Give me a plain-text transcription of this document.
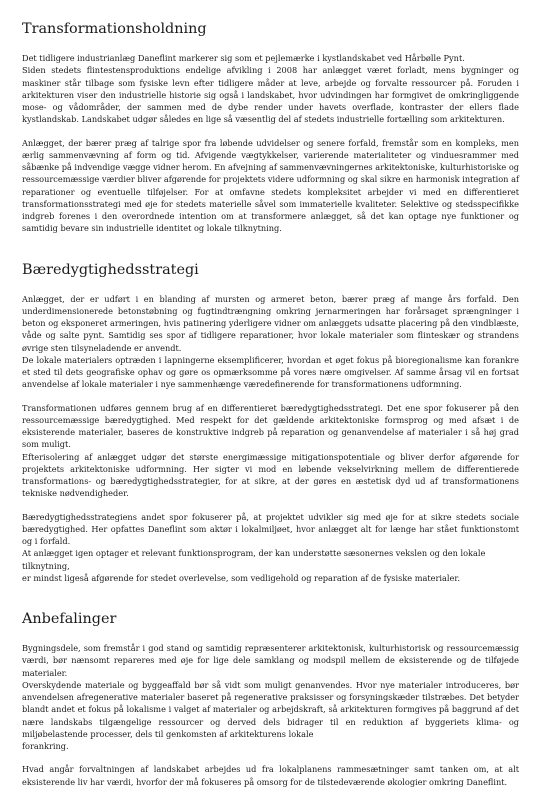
Transformationsholdning

Det tidligere industrianlæg Daneflint markerer sig som et pejlemærke i kystlandskabet ved Hårbølle Pynt.

Siden stedets flintestensproduktions endelige afvikling i 2008 har anlægget været forladt, mens bygninger og maskiner står tilbage som fysiske levn efter tidligere måder at leve, arbejde og forvalte ressourcer på. Foruden i arkitekturen viser den industrielle historie sig også i landskabet, hvor udvindingen har formgivet de omkringliggende mose- og vådområder, der sammen med de dybe render under havets overflade, kontraster der ellers flade kystlandskab. Landskabet udgør således en lige så væsentlig del af stedets industrielle fortælling som arkitekturen.

Anlægget, der bærer præg af talrige spor fra løbende udvidelser og senere forfald, fremstår som en kompleks, men ærlig sammenvævning af form og tid. Afvigende vægtykkelser, varierende materialiteter og vinduesrammer med såbænke på indvendige vægge vidner herom. En afvejning af sammenvævningernes arkitektoniske, kulturhistoriske og ressourcemæssige værdier bliver afgørende for projektets videre udformning og skal sikre en harmonisk integration af reparationer og eventuelle tilføjelser. For at omfavne stedets kompleksitet arbejder vi med en differentieret transformationsstrategi med øje for stedets materielle såvel som immaterielle kvaliteter. Selektive og stedsspecifikke indgreb forenes i den overordnede intention om at transformere anlægget, så det kan optage nye funktioner og samtidig bevare sin industrielle identitet og lokale tilknytning.

Bæredygtighedsstrategi

Anlægget, der er udført i en blanding af mursten og armeret beton, bærer præg af mange års forfald. Den underdimensionerede betonstøbning og fugtindtrængning omkring jernarmeringen har forårsaget sprængninger i beton og eksponeret armeringen, hvis patinering yderligere vidner om anlæggets udsatte placering på den vindblæste, våde og salte pynt. Samtidig ses spor af tidligere reparationer, hvor lokale materialer som flinteskær og strandens øvrige sten tilsyneladende er anvendt.

De lokale materialers optræden i lapningerne eksemplificerer, hvordan et øget fokus på bioregionalisme kan forankre et sted til dets geografiske ophav og gøre os opmærksomme på vores nære omgivelser. Af samme årsag vil en fortsat anvendelse af lokale materialer i nye sammenhænge væredefinerende for transformationens udformning.

Transformationen udføres gennem brug af en differentieret bæredygtighedsstrategi. Det ene spor fokuserer på den ressourcemæssige bæredygtighed. Med respekt for det gældende arkitektoniske formsprog og med afsæt i de eksisterende materialer, baseres de konstruktive indgreb på reparation og genanvendelse af materialer i så høj grad som muligt.

Efterisolering af anlægget udgør det største energimæssige mitigationspotentiale og bliver derfor afgørende for projektets arkitektoniske udformning. Her sigter vi mod en løbende vekselvirkning mellem de differentierede transformations- og bæredygtighedsstrategier, for at sikre, at der gøres en æstetisk dyd ud af transformationens tekniske nødvendigheder.

Bæredygtighedsstrategiens andet spor fokuserer på, at projektet udvikler sig med øje for at sikre stedets sociale bæredygtighed. Her opfattes Daneflint som aktør i lokalmiljøet, hvor anlægget alt for længe har stået funktionstomt og i forfald.

At anlægget igen optager et relevant funktionsprogram, der kan understøtte sæsonernes vekslen og den lokale tilknytning,

er mindst ligeså afgørende for stedet overlevelse, som vedligehold og reparation af de fysiske materialer.

Anbefalinger

Bygningsdele, som fremstår i god stand og samtidig repræsenterer arkitektonisk, kulturhistorisk og ressourcemæssig værdi, bør nænsomt repareres med øje for lige dele samklang og modspil mellem de eksisterende og de tilføjede materialer.

Overskydende materiale og byggeaffald bør så vidt som muligt genanvendes. Hvor nye materialer introduceres, bør anvendelsen afregenerative materialer baseret på regenerative praksisser og forsyningskæder tilstræbes. Det betyder blandt andet et fokus på lokalisme i valget af materialer og arbejdskraft, så arkitekturen formgives på baggrund af det nære landskabs tilgængelige ressourcer og derved dels bidrager til en reduktion af byggeriets klima- og miljøbelastende processer, dels til genkomsten af arkitekturens lokale

forankring.

Hvad angår forvaltningen af landskabet arbejdes ud fra lokalplanens rammesætninger samt tanken om, at alt eksisterende liv har værdi, hvorfor der må fokuseres på omsorg for de tilstedeværende økologier omkring Daneflint.
